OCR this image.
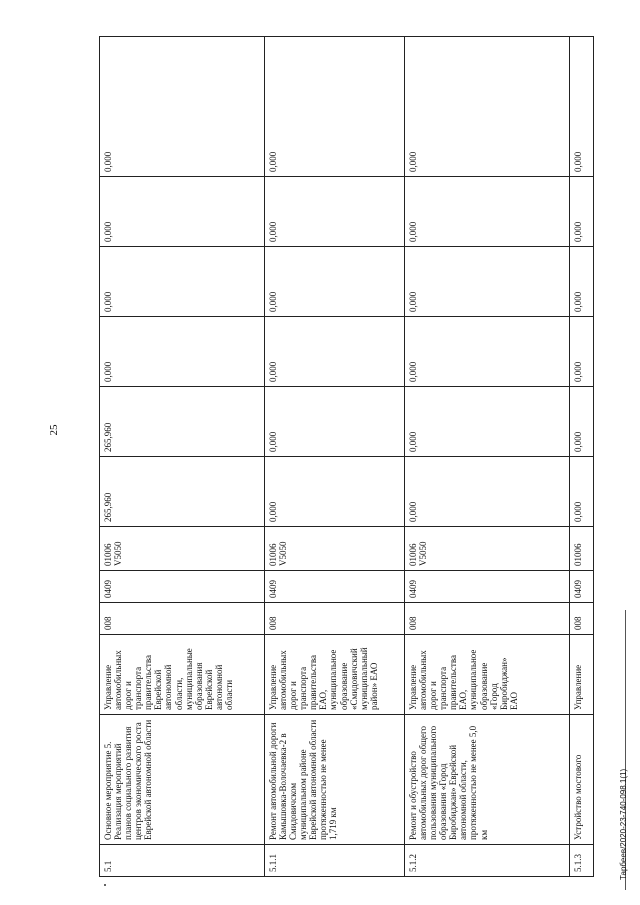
25
5.1	Основное мероприятие 5. Реализация мероприятий планов социального развития центров экономического роста Еврейской автономной области	Управление автомобильных дорог и транспорта правительства Еврейской автономной области, муниципальные образования Еврейской автономной области	008	0409	01006 V5050	265,960	265,960	0,000	0,000	0,000	0,000
5.1.1	Ремонт автомобильной дороги Камышовка-Волочаевка-2 в Смидовичском муниципальном районе Еврейской автономной области протяженностью не менее 1,719 км	Управление автомобильных дорог и транспорта правительства ЕАО, муниципальное образование «Смидовичский муниципальный район» ЕАО	008	0409	01006 V5050	0,000	0,000	0,000	0,000	0,000	0,000
5.1.2	Ремонт и обустройство автомобильных дорог общего пользования муниципального образования «Город Биробиджан» Еврейской автономной области, протяженностью не менее 5,0 км	Управление автомобильных дорог и транспорта правительства ЕАО, муниципальное образование «Город Биробиджан» ЕАО	008	0409	01006 V5050	0,000	0,000	0,000	0,000	0,000	0,000
5.1.3	Устройство мостового	Управление	008	0409	01006	0,000	0,000	0,000	0,000	0,000	0,000
Тарбеев/2020-23-740-098.1(1)
